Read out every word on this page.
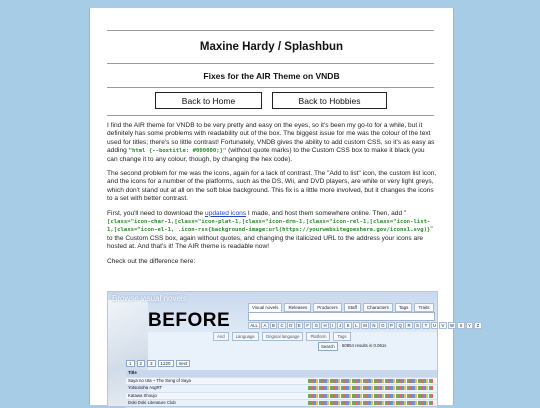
Maxine Hardy / Splashbun
Fixes for the AIR Theme on VNDB
Back to Home	Back to Hobbies

I find the AIR theme for VNDB to be very pretty and easy on the eyes, so it's been my go-to for a while, but it definitely has some problems with readability out of the box. The biggest issue for me was the colour of the text used for titles; there's so little contrast! Fortunately, VNDB gives the ability to add custom CSS, so it's as easy as adding "html {--boxtitle: #000000;}" (without quote marks) to the Custom CSS box to make it black (you can change it to any colour, though, by changing the hex code).

The second problem for me was the icons, again for a lack of contrast. The "Add to list" icon, the custom list icon, and the icons for a number of the platforms, such as the DS, Wii, and DVD players, are white or very light greys, which don't stand out at all on the soft blue background. This fix is a little more involved, but it changes the icons to a set with better contrast.

First, you'll need to download the updated icons I made, and host them somewhere online. Then, add "[class="icon-char-1,[class="icon-plat-1,[class="icon-drm-1,[class="icon-rel-1,[class="icon-list-1,[class="icon-el-1, .icon-rss{background-image:url(https://yourwebsitegoeshere.gov/icons1.svg)}" to the Custom CSS box, again without quotes, and changing the italicized URL to the address your icons are hosted at. And that's it! The AIR theme is readable now!

Check out the difference here:

Browse visual novels
BEFORE
Visual novels	Releases	Producers	Staff	Characters	Tags	Traits
ALL	A	B	C	D	E	F	G	H	I	J	K	L	M	N	O	P	Q	R	S	T	U	V	W	X	Y	Z
And	Language	Original language	Platform	Tags
Search	60854 results in 0.061s
1	2	3	1220	next
Title
Saya no Uta ~ The Song of Saya
Yotsunoha AsgRT
Katawa Shoujo
Doki Doki Literature Club
